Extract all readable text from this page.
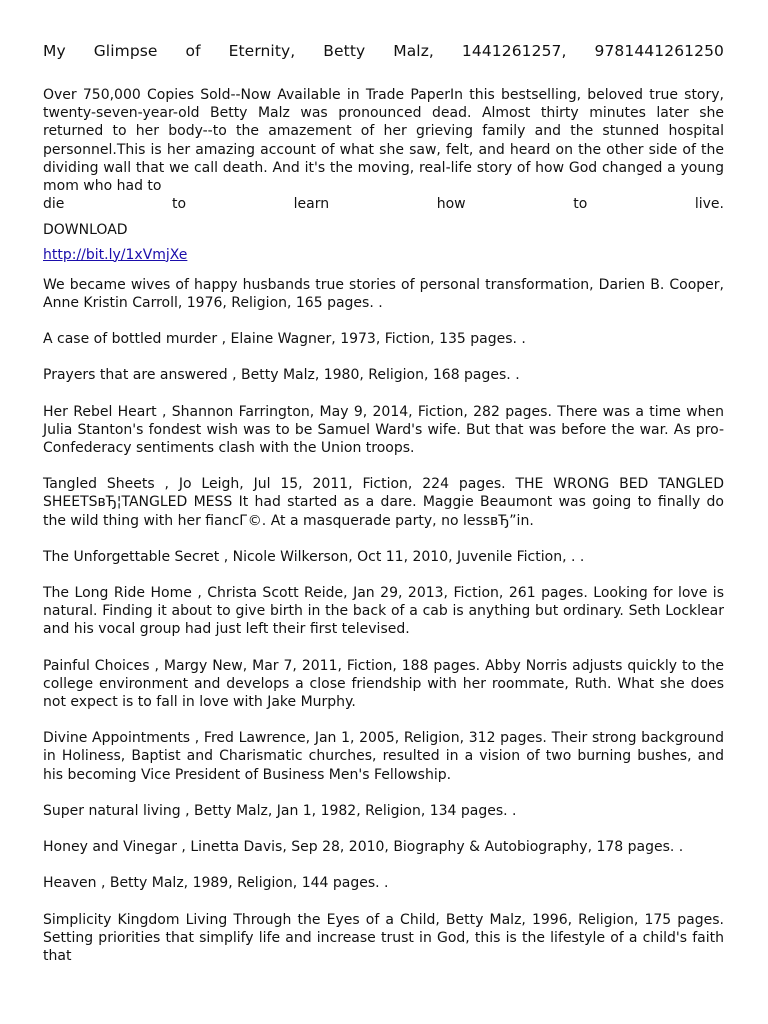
My Glimpse of Eternity, Betty Malz, 1441261257, 9781441261250
Over 750,000 Copies Sold--Now Available in Trade PaperIn this bestselling, beloved true story, twenty-seven-year-old Betty Malz was pronounced dead. Almost thirty minutes later she returned to her body--to the amazement of her grieving family and the stunned hospital personnel.This is her amazing account of what she saw, felt, and heard on the other side of the dividing wall that we call death. And it's the moving, real-life story of how God changed a young mom who had to
die to learn how to live.
DOWNLOAD
http://bit.ly/1xVmjXe
We became wives of happy husbands true stories of personal transformation, Darien B. Cooper, Anne Kristin Carroll, 1976, Religion, 165 pages. .
A case of bottled murder , Elaine Wagner, 1973, Fiction, 135 pages. .
Prayers that are answered , Betty Malz, 1980, Religion, 168 pages. .
Her Rebel Heart , Shannon Farrington, May 9, 2014, Fiction, 282 pages. There was a time when Julia Stanton's fondest wish was to be Samuel Ward's wife. But that was before the war. As pro-Confederacy sentiments clash with the Union troops.
Tangled Sheets , Jo Leigh, Jul 15, 2011, Fiction, 224 pages. THE WRONG BED TANGLED SHEETSвЂ¦TANGLED MESS It had started as a dare. Maggie Beaumont was going to finally do the wild thing with her fiancГ©. At a masquerade party, no lessвЂ”in.
The Unforgettable Secret , Nicole Wilkerson, Oct 11, 2010, Juvenile Fiction, . .
The Long Ride Home , Christa Scott Reide, Jan 29, 2013, Fiction, 261 pages. Looking for love is natural. Finding it about to give birth in the back of a cab is anything but ordinary. Seth Locklear and his vocal group had just left their first televised.
Painful Choices , Margy New, Mar 7, 2011, Fiction, 188 pages. Abby Norris adjusts quickly to the college environment and develops a close friendship with her roommate, Ruth. What she does not expect is to fall in love with Jake Murphy.
Divine Appointments , Fred Lawrence, Jan 1, 2005, Religion, 312 pages. Their strong background in Holiness, Baptist and Charismatic churches, resulted in a vision of two burning bushes, and his becoming Vice President of Business Men's Fellowship.
Super natural living , Betty Malz, Jan 1, 1982, Religion, 134 pages. .
Honey and Vinegar , Linetta Davis, Sep 28, 2010, Biography & Autobiography, 178 pages. .
Heaven , Betty Malz, 1989, Religion, 144 pages. .
Simplicity Kingdom Living Through the Eyes of a Child, Betty Malz, 1996, Religion, 175 pages. Setting priorities that simplify life and increase trust in God, this is the lifestyle of a child's faith that
